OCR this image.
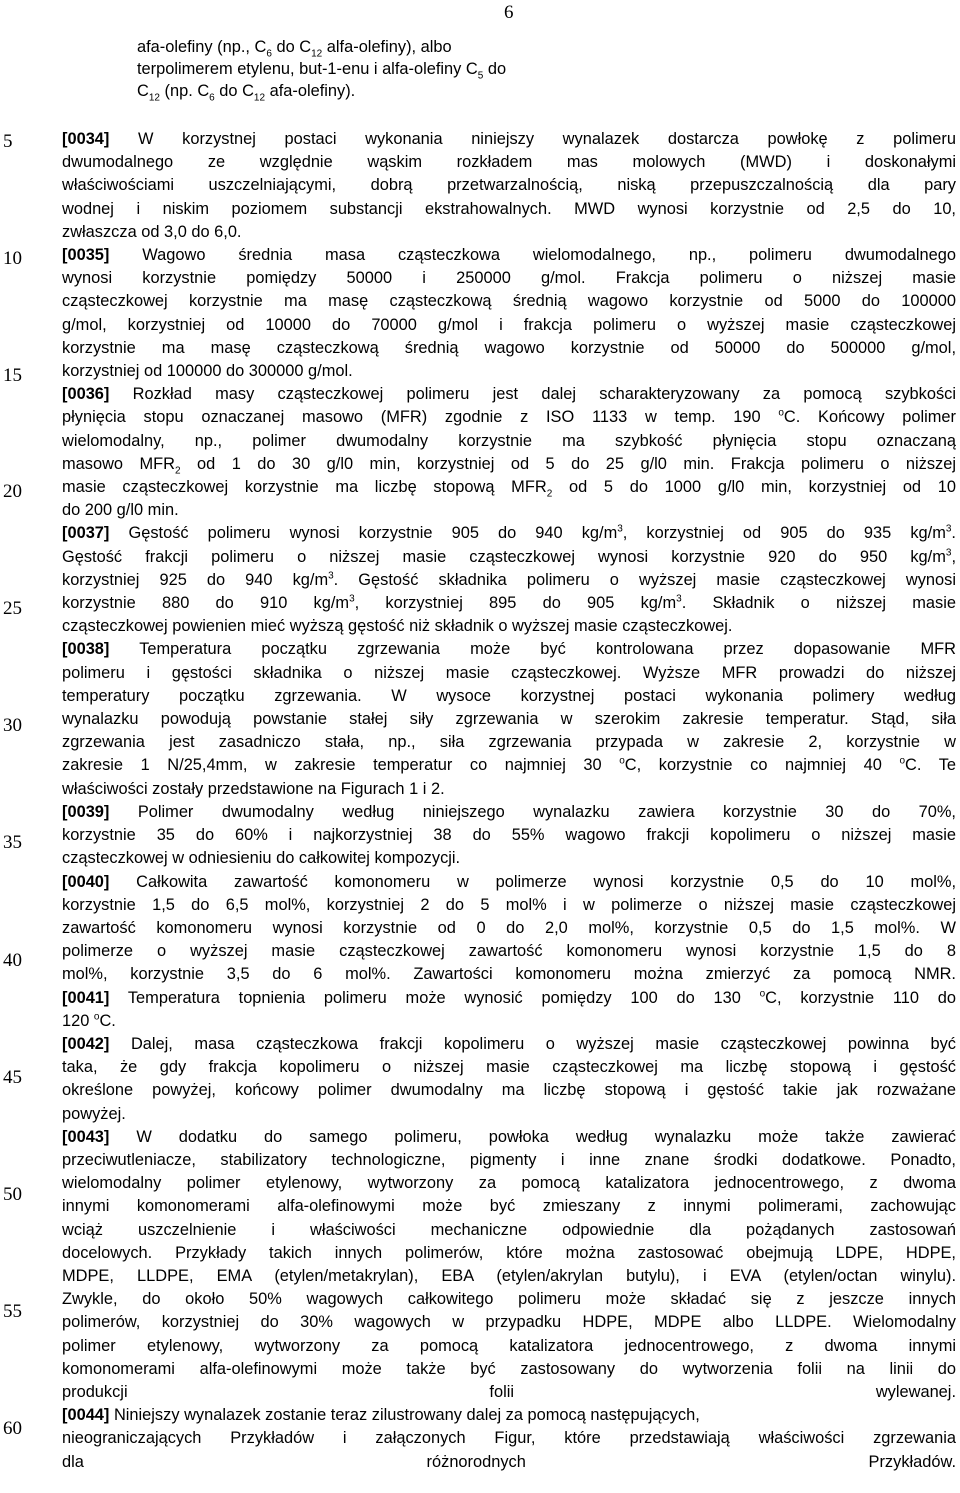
6
afa-olefiny (np., $C_6$ do $C_{12}$ alfa-olefiny), albo
terpolimerem etylenu, but-1-enu i alfa-olefiny $C_5$ do
$C_{12}$ (np. $C_6$ do $C_{12}$ afa-olefiny).
5
10
15
20
25
30
35
40
45
50
55
60
[0034] W korzystnej postaci wykonania niniejszy wynalazek dostarcza powłokę z polimeru
dwumodalnego ze względnie wąskim rozkładem mas molowych (MWD) i doskonałymi
właściwościami uszczelniającymi, dobrą przetwarzalnością, niską przepuszczalnością dla pary
wodnej i niskim poziomem substancji ekstrahowalnych. MWD wynosi korzystnie od 2,5 do 10,
zwłaszcza od 3,0 do 6,0.
[0035] Wagowo średnia masa cząsteczkowa wielomodalnego, np., polimeru dwumodalnego
wynosi korzystnie pomiędzy 50000 i 250000 g/mol. Frakcja polimeru o niższej masie
cząsteczkowej korzystnie ma masę cząsteczkową średnią wagowo korzystnie od 5000 do 100000
g/mol, korzystniej od 10000 do 70000 g/mol i frakcja polimeru o wyższej masie cząsteczkowej
korzystnie ma masę cząsteczkową średnią wagowo korzystnie od 50000 do 500000 g/mol,
korzystniej od 100000 do 300000 g/mol.
[0036] Rozkład masy cząsteczkowej polimeru jest dalej scharakteryzowany za pomocą szybkości
płynięcia stopu oznaczanej masowo (MFR) zgodnie z ISO 1133 w temp. 190 $^o$C. Końcowy polimer
wielomodalny, np., polimer dwumodalny korzystnie ma szybkość płynięcia stopu oznaczaną
masowo $MFR_2$ od 1 do 30 g/l0 min, korzystniej od 5 do 25 g/l0 min. Frakcja polimeru o niższej
masie cząsteczkowej korzystnie ma liczbę stopową $MFR_2$ od 5 do 1000 g/l0 min, korzystniej od 10
do 200 g/l0 min.
[0037] Gęstość polimeru wynosi korzystnie 905 do 940 $kg/m^3$, korzystniej od 905 do 935 $kg/m^3$.
Gęstość frakcji polimeru o niższej masie cząsteczkowej wynosi korzystnie 920 do 950 $kg/m^3$,
korzystniej 925 do 940 $kg/m^3$. Gęstość składnika polimeru o wyższej masie cząsteczkowej wynosi
korzystnie 880 do 910 $kg/m^3$, korzystniej 895 do 905 $kg/m^3$. Składnik o niższej masie
cząsteczkowej powienien mieć wyższą gęstość niż składnik o wyższej masie cząsteczkowej.
[0038] Temperatura początku zgrzewania może być kontrolowana przez dopasowanie MFR
polimeru i gęstości składnika o niższej masie cząsteczkowej. Wyższe MFR prowadzi do niższej
temperatury początku zgrzewania. W wysoce korzystnej postaci wykonania polimery według
wynalazku powodują powstanie stałej siły zgrzewania w szerokim zakresie temperatur. Stąd, siła
zgrzewania jest zasadniczo stała, np., siła zgrzewania przypada w zakresie 2, korzystnie w
zakresie 1 N/25,4mm, w zakresie temperatur co najmniej 30 $^o$C, korzystnie co najmniej 40 $^o$C. Te
właściwości zostały przedstawione na Figurach 1 i 2.
[0039] Polimer dwumodalny według niniejszego wynalazku zawiera korzystnie 30 do 70%,
korzystnie 35 do 60% i najkorzystniej 38 do 55% wagowo frakcji kopolimeru o niższej masie
cząsteczkowej w odniesieniu do całkowitej kompozycji.
[0040] Całkowita zawartość komonomeru w polimerze wynosi korzystnie 0,5 do 10 mol%,
korzystnie 1,5 do 6,5 mol%, korzystniej 2 do 5 mol% i w polimerze o niższej masie cząsteczkowej
zawartość komonomeru wynosi korzystnie od 0 do 2,0 mol%, korzystnie 0,5 do 1,5 mol%. W
polimerze o wyższej masie cząsteczkowej zawartość komonomeru wynosi korzystnie 1,5 do 8
mol%, korzystnie 3,5 do 6 mol%. Zawartości komonomeru można zmierzyć za pomocą NMR.
[0041] Temperatura topnienia polimeru może wynosić pomiędzy 100 do 130 $^o$C, korzystnie 110 do
120 $^o$C.
[0042] Dalej, masa cząsteczkowa frakcji kopolimeru o wyższej masie cząsteczkowej powinna być
taka, że gdy frakcja kopolimeru o niższej masie cząsteczkowej ma liczbę stopową i gęstość
określone powyżej, końcowy polimer dwumodalny ma liczbę stopową i gęstość takie jak rozważane
powyżej.
[0043] W dodatku do samego polimeru, powłoka według wynalazku może także zawierać
przeciwutleniacze, stabilizatory technologiczne, pigmenty i inne znane środki dodatkowe. Ponadto,
wielomodalny polimer etylenowy, wytworzony za pomocą katalizatora jednocentrowego, z dwoma
innymi komonomerami alfa-olefinowymi może być zmieszany z innymi polimerami, zachowując
wciąż uszczelnienie i właściwości mechaniczne odpowiednie dla pożądanych zastosowań
docelowych. Przykłady takich innych polimerów, które można zastosować obejmują LDPE, HDPE,
MDPE, LLDPE, EMA (etylen/metakrylan), EBA (etylen/akrylan butylu), i EVA (etylen/octan winylu).
Zwykle, do około 50% wagowych całkowitego polimeru może składać się z jeszcze innych
polimerów, korzystniej do 30% wagowych w przypadku HDPE, MDPE albo LLDPE. Wielomodalny
polimer etylenowy, wytworzony za pomocą katalizatora jednocentrowego, z dwoma innymi
komonomerami alfa-olefinowymi może także być zastosowany do wytworzenia folii na linii do
produkcji folii wylewanej.
[0044] Niniejszy wynalazek zostanie teraz zilustrowany dalej za pomocą następujących,
nieograniczających Przykładów i załączonych Figur, które przedstawiają właściwości zgrzewania
dla różnorodnych Przykładów.
